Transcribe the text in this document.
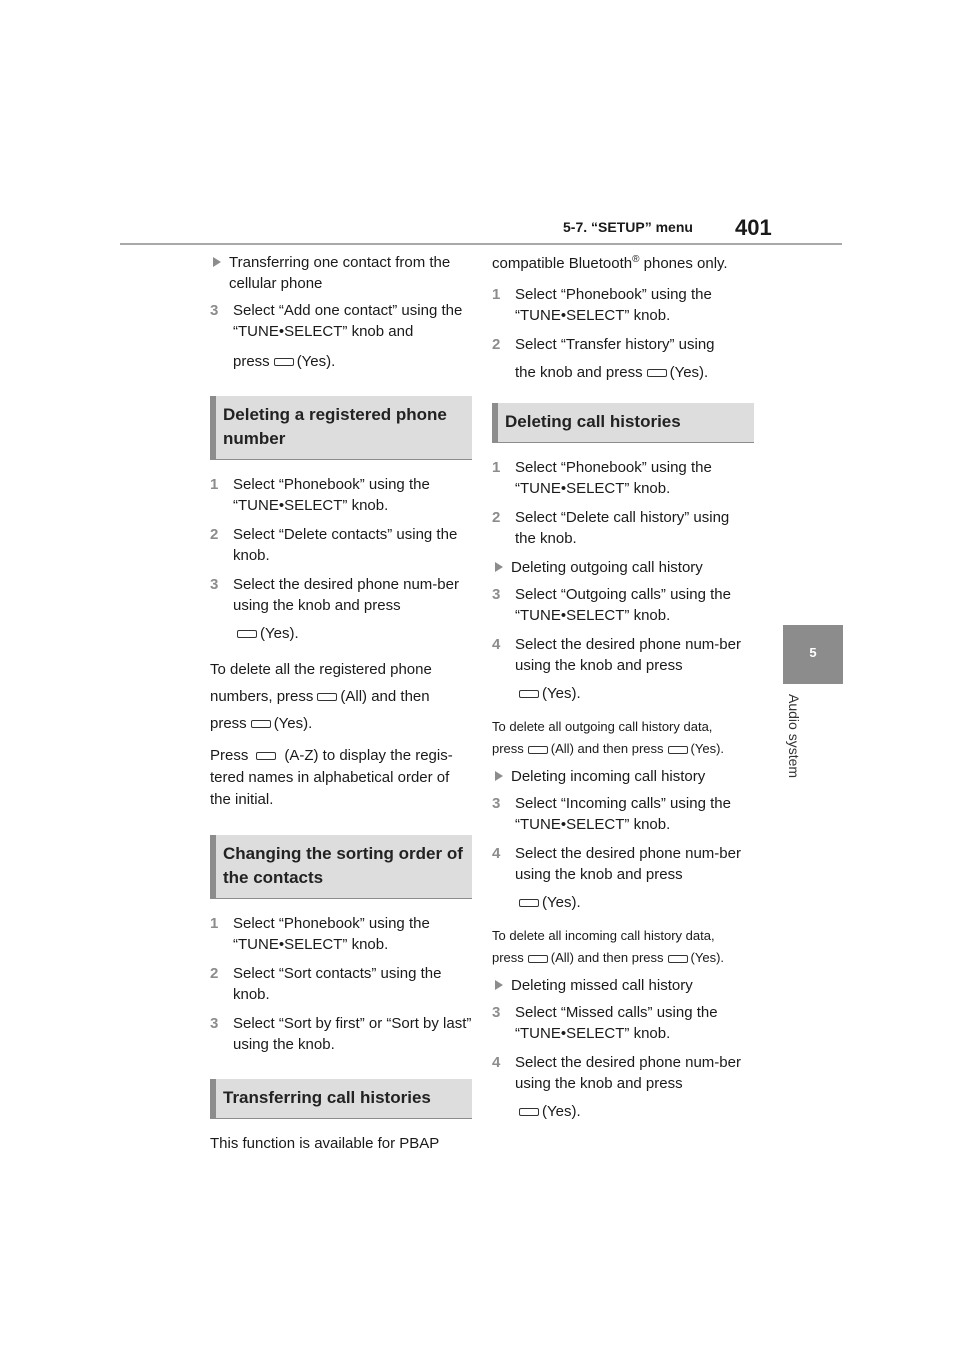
5-7. “SETUP” menu 401
5
Audio system
Transferring one contact from the cellular phone
3 Select “Add one contact” using the “TUNE•SELECT” knob and
press (Yes).
Deleting a registered phone number
1 Select “Phonebook” using the “TUNE•SELECT” knob.
2 Select “Delete contacts” using the knob.
3 Select the desired phone num-ber using the knob and press
(Yes).
To delete all the registered phone
numbers, press (All) and then
press (Yes).
Press (A-Z) to display the regis- tered names in alphabetical order of the initial.
Changing the sorting order of the contacts
1 Select “Phonebook” using the “TUNE•SELECT” knob.
2 Select “Sort contacts” using the knob.
3 Select “Sort by first” or “Sort by last” using the knob.
Transferring call histories
This function is available for PBAP
compatible Bluetooth® phones only.
1 Select “Phonebook” using the “TUNE•SELECT” knob.
2 Select “Transfer history” using
the knob and press (Yes).
Deleting call histories
1 Select “Phonebook” using the “TUNE•SELECT” knob.
2 Select “Delete call history” using the knob.
Deleting outgoing call history
3 Select “Outgoing calls” using the “TUNE•SELECT” knob.
4 Select the desired phone num-ber using the knob and press
(Yes).
To delete all outgoing call history data,
press (All) and then press (Yes).
Deleting incoming call history
3 Select “Incoming calls” using the “TUNE•SELECT” knob.
4 Select the desired phone num-ber using the knob and press
(Yes).
To delete all incoming call history data,
press (All) and then press (Yes).
Deleting missed call history
3 Select “Missed calls” using the “TUNE•SELECT” knob.
4 Select the desired phone num-ber using the knob and press
(Yes).
